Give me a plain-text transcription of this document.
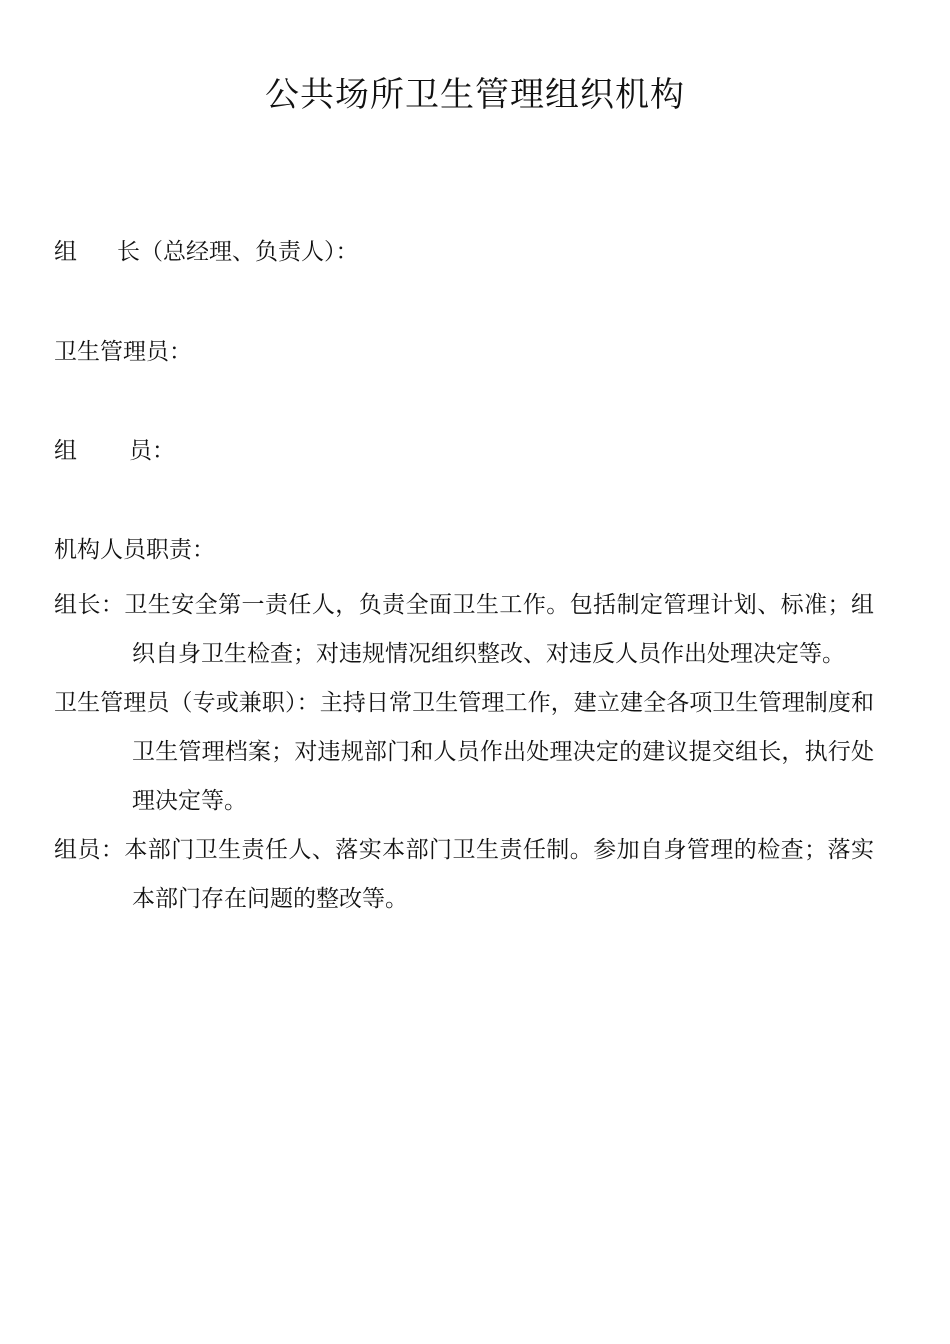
公共场所卫生管理组织机构
组 长（总经理、负责人）：
卫生管理员：
组 员：
机构人员职责：

组长：卫生安全第一责任人，负责全面卫生工作。包括制定管理计划、标准；组织自身卫生检查；对违规情况组织整改、对违反人员作出处理决定等。

卫生管理员（专或兼职）：主持日常卫生管理工作，建立建全各项卫生管理制度和卫生管理档案；对违规部门和人员作出处理决定的建议提交组长，执行处理决定等。

组员：本部门卫生责任人、落实本部门卫生责任制。参加自身管理的检查；落实本部门存在问题的整改等。
